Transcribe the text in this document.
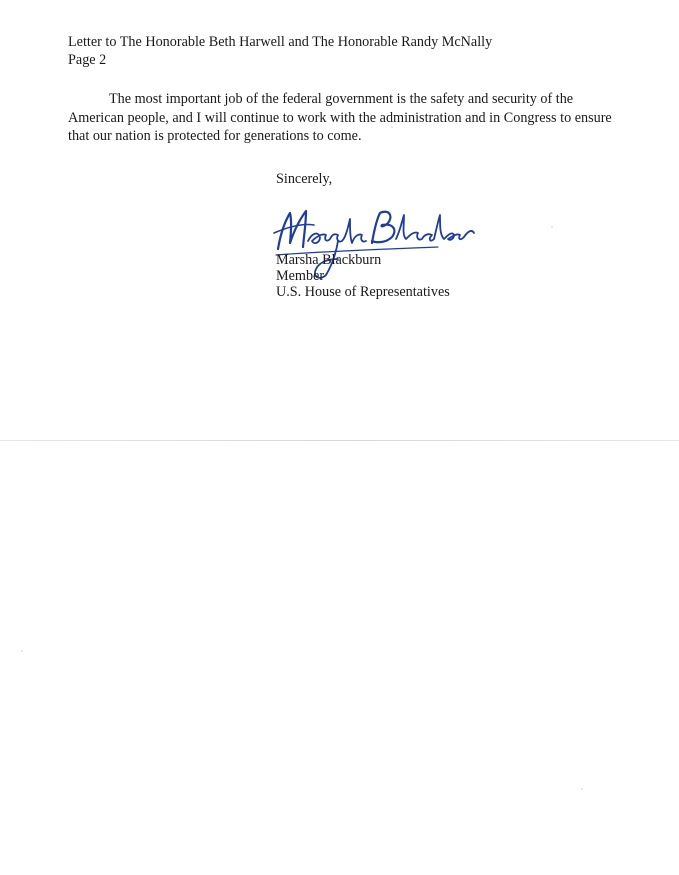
Letter to The Honorable Beth Harwell and The Honorable Randy McNally
Page 2
The most important job of the federal government is the safety and security of the
American people, and I will continue to work with the administration and in Congress to ensure
that our nation is protected for generations to come.
Sincerely,
Marsha Blackburn
Member
U.S. House of Representatives
